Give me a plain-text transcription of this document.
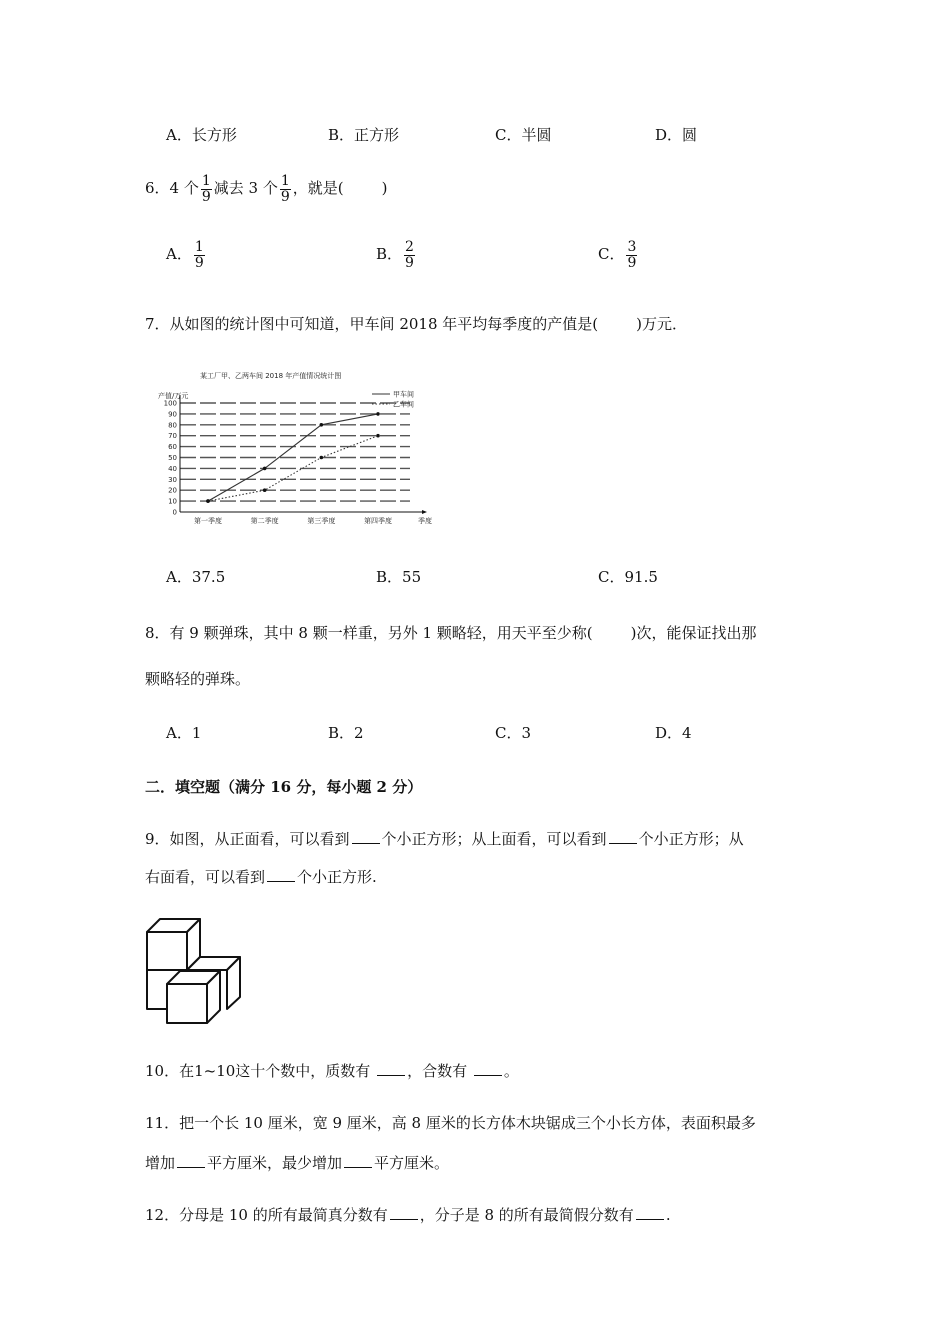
A．长方形	B．正方形	C．半圆	D．圆
6．4 个 $\frac{1}{9}$ 减去 3 个 $\frac{1}{9}$ ，就是(	)
A． $\frac{1}{9}$	B． $\frac{2}{9}$	C． $\frac{3}{9}$
7．从如图的统计图中可知道，甲车间 2018 年平均每季度的产值是(	)万元．
某工厂甲、乙两车间 2018 年产值情况统计图
产值/万元
0
10
20
30
40
50
60
70
80
90
100
第一季度	第二季度	第三季度	第四季度	季度
甲车间
乙车间
A．37.5	B．55	C．91.5
8．有 9 颗弹珠，其中 8 颗一样重，另外 1 颗略轻，用天平至少称(	)次，能保证找出那
颗略轻的弹珠。
A．1	B．2	C．3	D．4
二．填空题（满分 16 分，每小题 2 分）
9．如图，从正面看，可以看到 个小正方形；从上面看，可以看到 个小正方形；从
右面看，可以看到 个小正方形.
10．在1~10这十个数中，质数有 ，合数有 。
11．把一个长 10 厘米，宽 9 厘米，高 8 厘米的长方体木块锯成三个小长方体，表面积最多
增加 平方厘米，最少增加 平方厘米。
12．分母是 10 的所有最简真分数有 ，分子是 8 的所有最简假分数有 .
